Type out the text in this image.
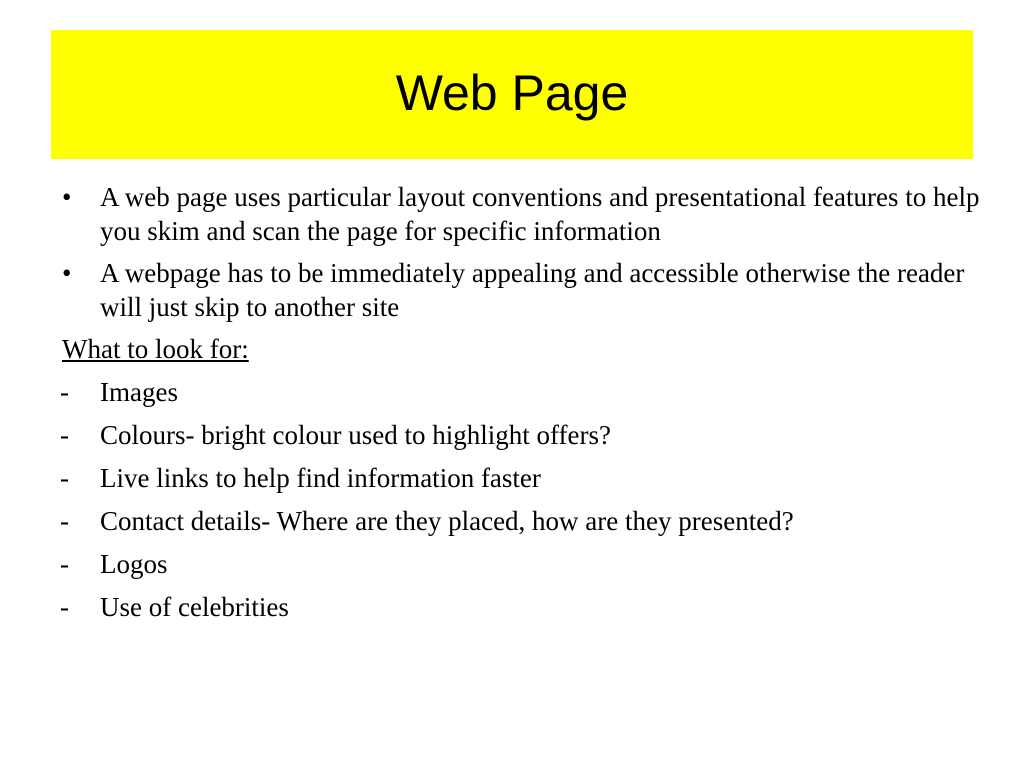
Web Page

• A web page uses particular layout conventions and presentational features to help you skim and scan the page for specific information

• A webpage has to be immediately appealing and accessible otherwise the reader will just skip to another site

What to look for:

- Images

- Colours- bright colour used to highlight offers?

- Live links to help find information faster

- Contact details- Where are they placed, how are they presented?

- Logos

- Use of celebrities
